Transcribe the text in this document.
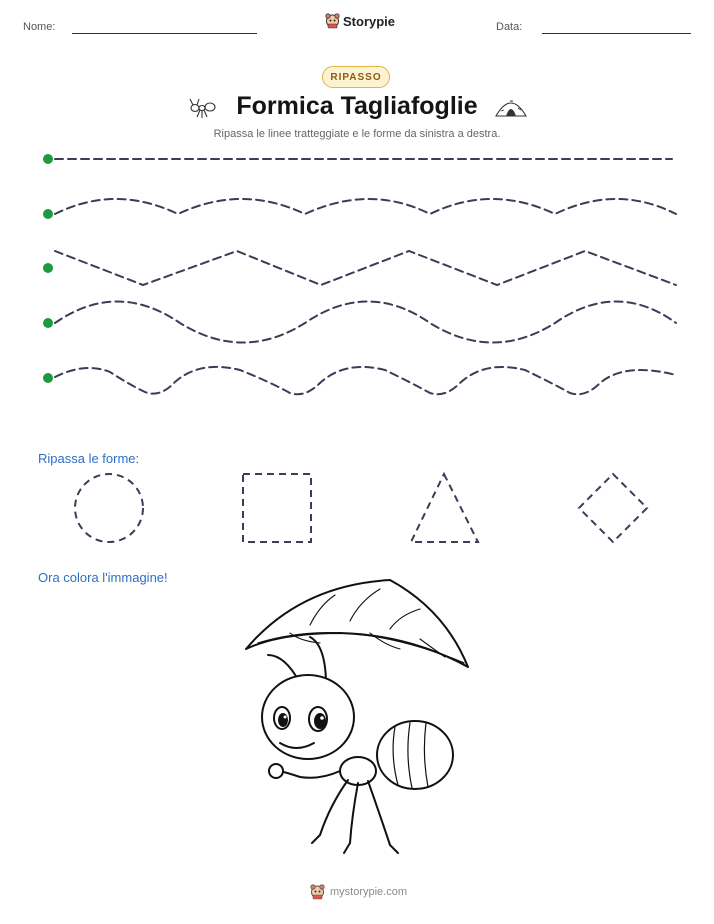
Nome:	Storypie	Data:
RIPASSO
Formica Tagliafoglie
Ripassa le linee tratteggiate e le forme da sinistra a destra.
Ripassa le forme:
Ora colora l'immagine!
mystorypie.com
